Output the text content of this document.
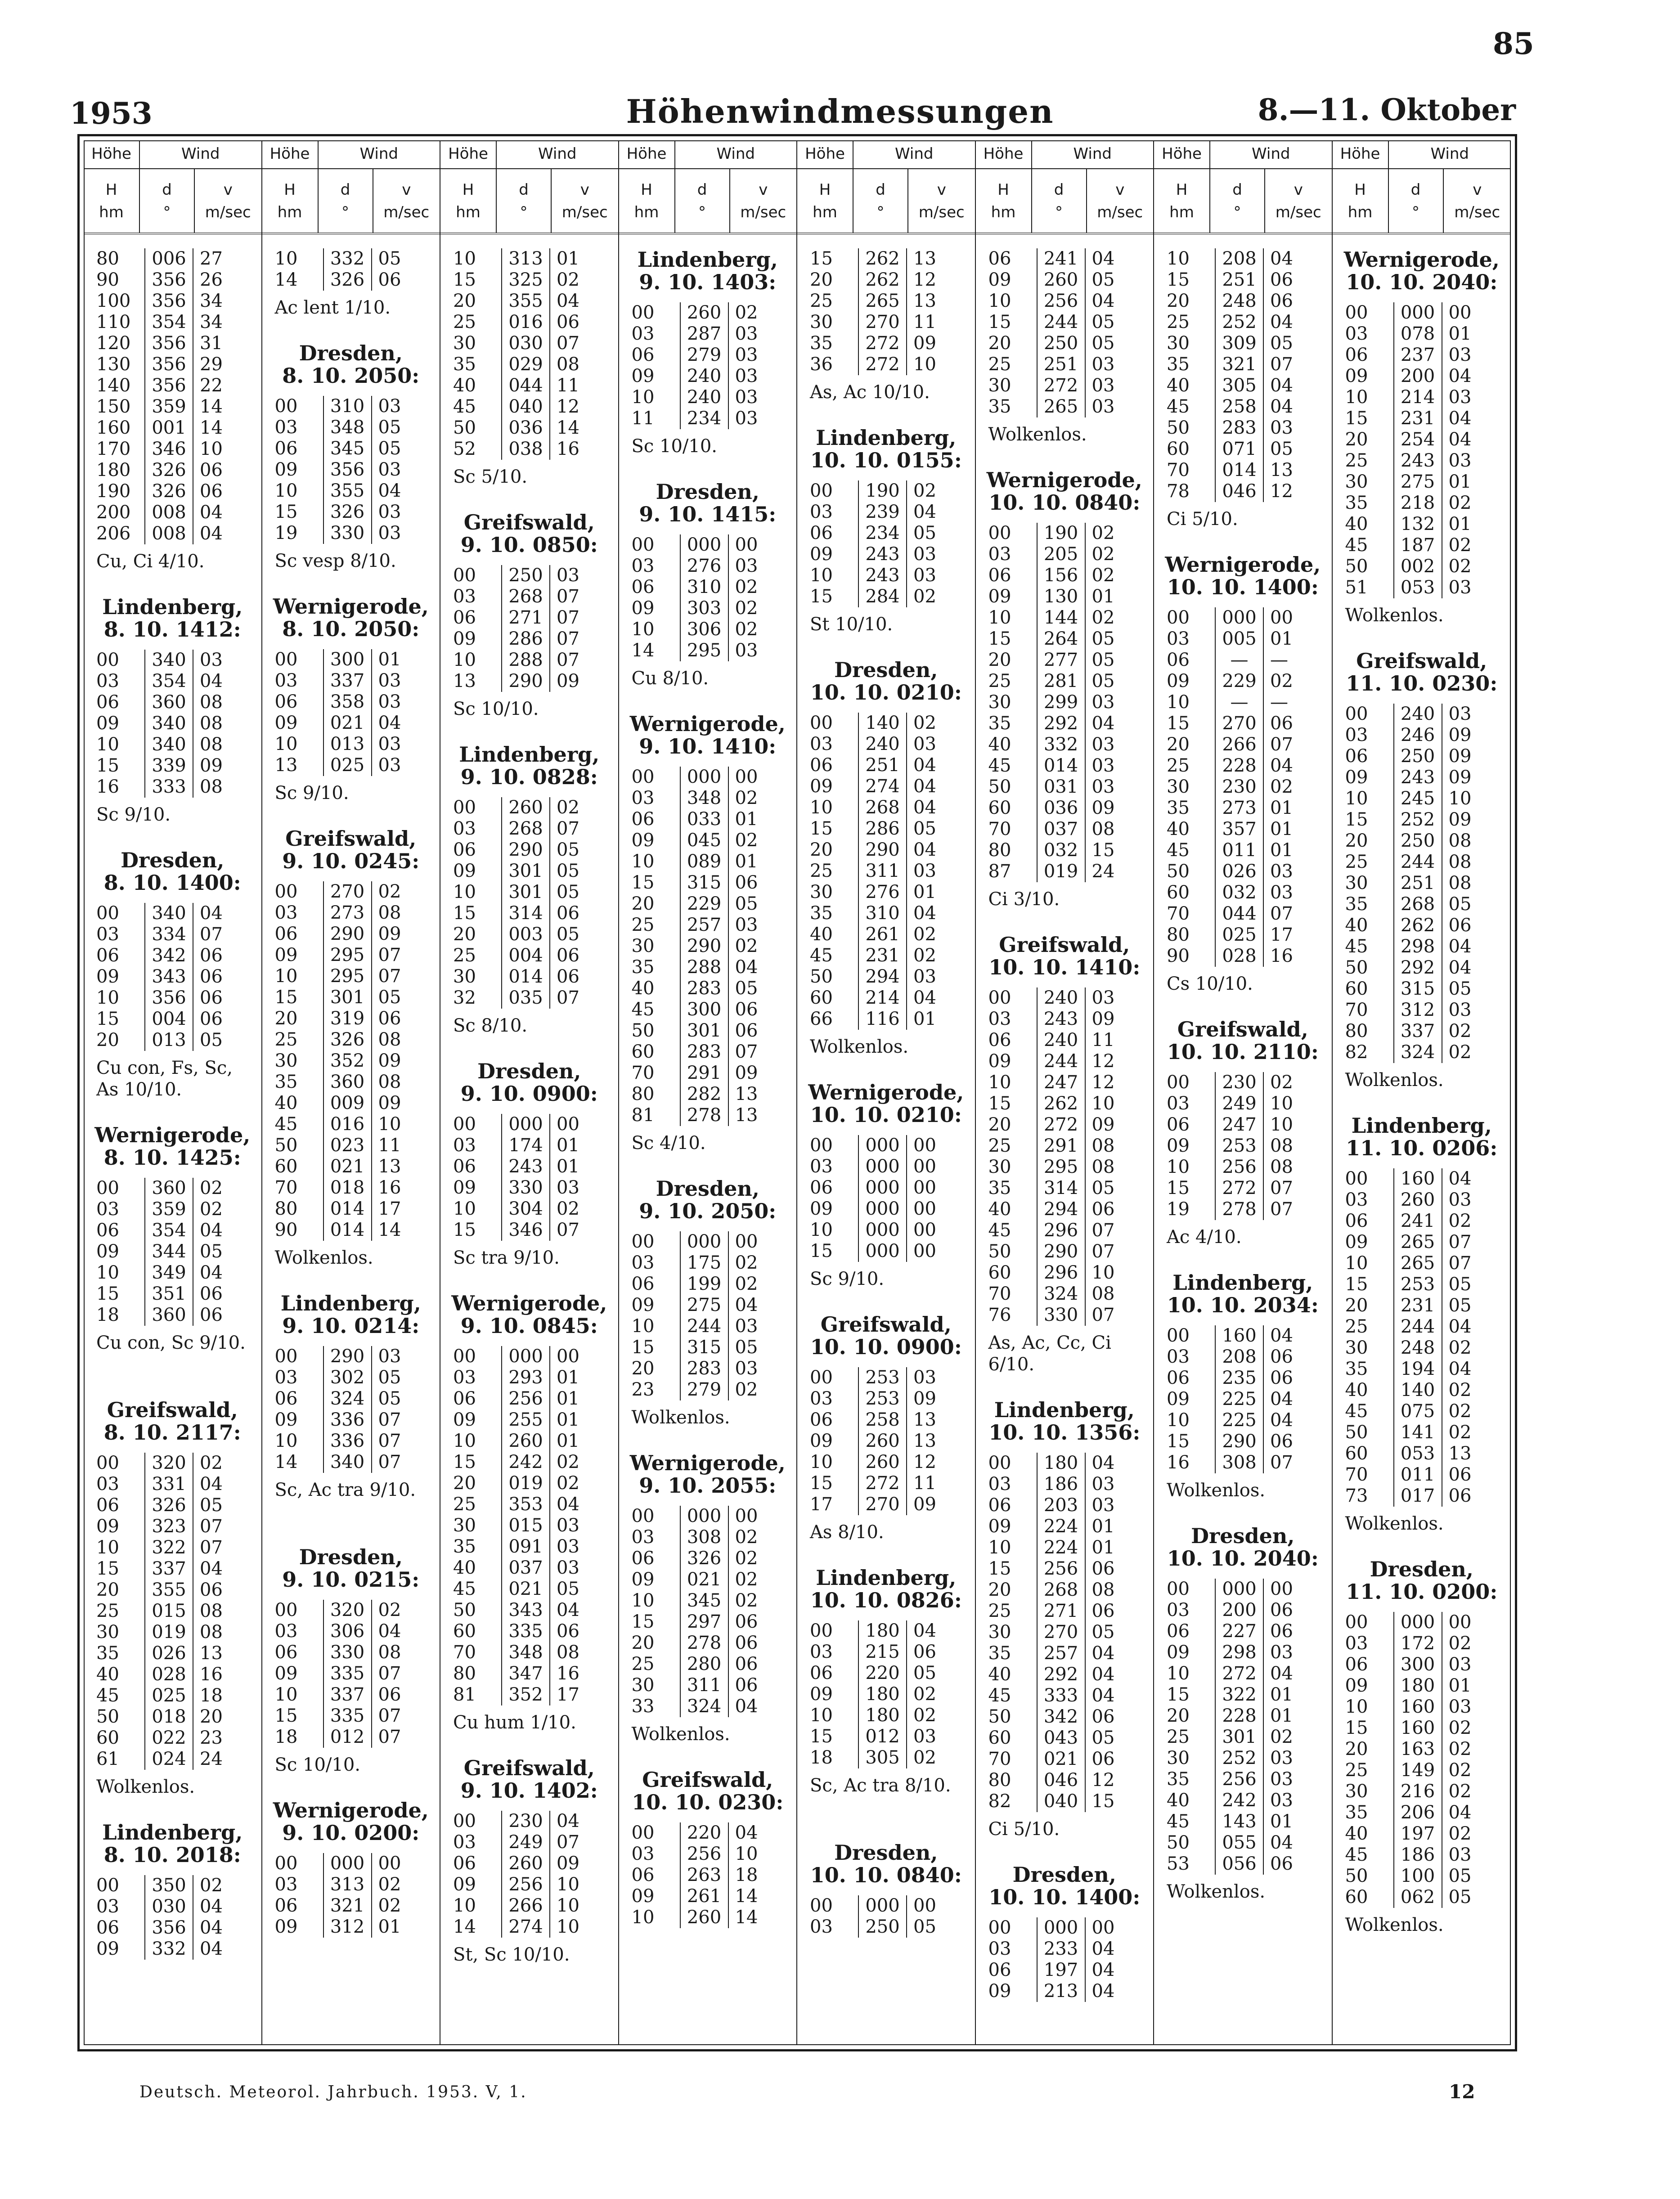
85
1953	Höhenwindmessungen	8.—11. Oktober
Höhe	Wind
H
hm
d
°
v
m/sec
80	006 27
90	356 26
100	356 34
110	354 34
120	356 31
130	356 29
140	356 22
150	359 14
160	001 14
170	346 10
180	326 06
190	326 06
200	008 04
206	008 04
Cu, Ci 4/10.
Lindenberg,
8. 10. 1412:
00	340 03
03	354 04
06	360 08
09	340 08
10	340 08
15	339 09
16	333 08
Sc 9/10.
Dresden,
8. 10. 1400:
00	340 04
03	334 07
06	342 06
09	343 06
10	356 06
15	004 06
20	013 05
Cu con, Fs, Sc, As 10/10.
Wernigerode,
8. 10. 1425:
00	360 02
03	359 02
06	354 04
09	344 05
10	349 04
15	351 06
18	360 06
Cu con, Sc 9/10.
Greifswald,
8. 10. 2117:
00	320 02
03	331 04
06	326 05
09	323 07
10	322 07
15	337 04
20	355 06
25	015 08
30	019 08
35	026 13
40	028 16
45	025 18
50	018 20
60	022 23
61	024 24
Wolkenlos.
Lindenberg,
8. 10. 2018:
00	350 02
03	030 04
06	356 04
09	332 04
Höhe	Wind
H
hm
d
°
v
m/sec
10	332 05
14	326 06
Ac lent 1/10.
Dresden,
8. 10. 2050:
00	310 03
03	348 05
06	345 05
09	356 03
10	355 04
15	326 03
19	330 03
Sc vesp 8/10.
Wernigerode,
8. 10. 2050:
00	300 01
03	337 03
06	358 03
09	021 04
10	013 03
13	025 03
Sc 9/10.
Greifswald,
9. 10. 0245:
00	270 02
03	273 08
06	290 09
09	295 07
10	295 07
15	301 05
20	319 06
25	326 08
30	352 09
35	360 08
40	009 09
45	016 10
50	023 11
60	021 13
70	018 16
80	014 17
90	014 14
Wolkenlos.
Lindenberg,
9. 10. 0214:
00	290 03
03	302 05
06	324 05
09	336 07
10	336 07
14	340 07
Sc, Ac tra 9/10.
Dresden,
9. 10. 0215:
00	320 02
03	306 04
06	330 08
09	335 07
10	337 06
15	335 07
18	012 07
Sc 10/10.
Wernigerode,
9. 10. 0200:
00	000 00
03	313 02
06	321 02
09	312 01
Höhe	Wind
H
hm
d
°
v
m/sec
10	313 01
15	325 02
20	355 04
25	016 06
30	030 07
35	029 08
40	044 11
45	040 12
50	036 14
52	038 16
Sc 5/10.
Greifswald,
9. 10. 0850:
00	250 03
03	268 07
06	271 07
09	286 07
10	288 07
13	290 09
Sc 10/10.
Lindenberg,
9. 10. 0828:
00	260 02
03	268 07
06	290 05
09	301 05
10	301 05
15	314 06
20	003 05
25	004 06
30	014 06
32	035 07
Sc 8/10.
Dresden,
9. 10. 0900:
00	000 00
03	174 01
06	243 01
09	330 03
10	304 02
15	346 07
Sc tra 9/10.
Wernigerode,
9. 10. 0845:
00	000 00
03	293 01
06	256 01
09	255 01
10	260 01
15	242 02
20	019 02
25	353 04
30	015 03
35	091 03
40	037 03
45	021 05
50	343 04
60	335 06
70	348 08
80	347 16
81	352 17
Cu hum 1/10.
Greifswald,
9. 10. 1402:
00	230 04
03	249 07
06	260 09
09	256 10
10	266 10
14	274 10
St, Sc 10/10.
Höhe	Wind
H
hm
d
°
v
m/sec
Lindenberg,
9. 10. 1403:
00	260 02
03	287 03
06	279 03
09	240 03
10	240 03
11	234 03
Sc 10/10.
Dresden,
9. 10. 1415:
00	000 00
03	276 03
06	310 02
09	303 02
10	306 02
14	295 03
Cu 8/10.
Wernigerode,
9. 10. 1410:
00	000 00
03	348 02
06	033 01
09	045 02
10	089 01
15	315 06
20	229 05
25	257 03
30	290 02
35	288 04
40	283 05
45	300 06
50	301 06
60	283 07
70	291 09
80	282 13
81	278 13
Sc 4/10.
Dresden,
9. 10. 2050:
00	000 00
03	175 02
06	199 02
09	275 04
10	244 03
15	315 05
20	283 03
23	279 02
Wolkenlos.
Wernigerode,
9. 10. 2055:
00	000 00
03	308 02
06	326 02
09	021 02
10	345 02
15	297 06
20	278 06
25	280 06
30	311 06
33	324 04
Wolkenlos.
Greifswald,
10. 10. 0230:
00	220 04
03	256 10
06	263 18
09	261 14
10	260 14
Höhe	Wind
H
hm
d
°
v
m/sec
15	262 13
20	262 12
25	265 13
30	270 11
35	272 09
36	272 10
As, Ac 10/10.
Lindenberg,
10. 10. 0155:
00	190 02
03	239 04
06	234 05
09	243 03
10	243 03
15	284 02
St 10/10.
Dresden,
10. 10. 0210:
00	140 02
03	240 03
06	251 04
09	274 04
10	268 04
15	286 05
20	290 04
25	311 03
30	276 01
35	310 04
40	261 02
45	231 02
50	294 03
60	214 04
66	116 01
Wolkenlos.
Wernigerode,
10. 10. 0210:
00	000 00
03	000 00
06	000 00
09	000 00
10	000 00
15	000 00
Sc 9/10.
Greifswald,
10. 10. 0900:
00	253 03
03	253 09
06	258 13
09	260 13
10	260 12
15	272 11
17	270 09
As 8/10.
Lindenberg,
10. 10. 0826:
00	180 04
03	215 06
06	220 05
09	180 02
10	180 02
15	012 03
18	305 02
Sc, Ac tra 8/10.
Dresden,
10. 10. 0840:
00	000 00
03	250 05
Höhe	Wind
H
hm
d
°
v
m/sec
06	241 04
09	260 05
10	256 04
15	244 05
20	250 05
25	251 03
30	272 03
35	265 03
Wolkenlos.
Wernigerode,
10. 10. 0840:
00	190 02
03	205 02
06	156 02
09	130 01
10	144 02
15	264 05
20	277 05
25	281 05
30	299 03
35	292 04
40	332 03
45	014 03
50	031 03
60	036 09
70	037 08
80	032 15
87	019 24
Ci 3/10.
Greifswald,
10. 10. 1410:
00	240 03
03	243 09
06	240 11
09	244 12
10	247 12
15	262 10
20	272 09
25	291 08
30	295 08
35	314 05
40	294 06
45	296 07
50	290 07
60	296 10
70	324 08
76	330 07
As, Ac, Cc, Ci 6/10.
Lindenberg,
10. 10. 1356:
00	180 04
03	186 03
06	203 03
09	224 01
10	224 01
15	256 06
20	268 08
25	271 06
30	270 05
35	257 04
40	292 04
45	333 04
50	342 06
60	043 05
70	021 06
80	046 12
82	040 15
Ci 5/10.
Dresden,
10. 10. 1400:
00	000 00
03	233 04
06	197 04
09	213 04
Höhe	Wind
H
hm
d
°
v
m/sec
10	208 04
15	251 06
20	248 06
25	252 04
30	309 05
35	321 07
40	305 04
45	258 04
50	283 03
60	071 05
70	014 13
78	046 12
Ci 5/10.
Wernigerode,
10. 10. 1400:
00	000 00
03	005 01
06	—	—
09	229 02
10	—	—
15	270 06
20	266 07
25	228 04
30	230 02
35	273 01
40	357 01
45	011 01
50	026 03
60	032 03
70	044 07
80	025 17
90	028 16
Cs 10/10.
Greifswald,
10. 10. 2110:
00	230 02
03	249 10
06	247 10
09	253 08
10	256 08
15	272 07
19	278 07
Ac 4/10.
Lindenberg,
10. 10. 2034:
00	160 04
03	208 06
06	235 06
09	225 04
10	225 04
15	290 06
16	308 07
Wolkenlos.
Dresden,
10. 10. 2040:
00	000 00
03	200 06
06	227 06
09	298 03
10	272 04
15	322 01
20	228 01
25	301 02
30	252 03
35	256 03
40	242 03
45	143 01
50	055 04
53	056 06
Wolkenlos.
Höhe	Wind
H
hm
d
°
v
m/sec
Wernigerode,
10. 10. 2040:
00	000 00
03	078 01
06	237 03
09	200 04
10	214 03
15	231 04
20	254 04
25	243 03
30	275 01
35	218 02
40	132 01
45	187 02
50	002 02
51	053 03
Wolkenlos.
Greifswald,
11. 10. 0230:
00	240 03
03	246 09
06	250 09
09	243 09
10	245 10
15	252 09
20	250 08
25	244 08
30	251 08
35	268 05
40	262 06
45	298 04
50	292 04
60	315 05
70	312 03
80	337 02
82	324 02
Wolkenlos.
Lindenberg,
11. 10. 0206:
00	160 04
03	260 03
06	241 02
09	265 07
10	265 07
15	253 05
20	231 05
25	244 04
30	248 02
35	194 04
40	140 02
45	075 02
50	141 02
60	053 13
70	011 06
73	017 06
Wolkenlos.
Dresden,
11. 10. 0200:
00	000 00
03	172 02
06	300 03
09	180 01
10	160 03
15	160 02
20	163 02
25	149 02
30	216 02
35	206 04
40	197 02
45	186 03
50	100 05
60	062 05
Wolkenlos.
Deutsch. Meteorol. Jahrbuch. 1953. V, 1.	12
